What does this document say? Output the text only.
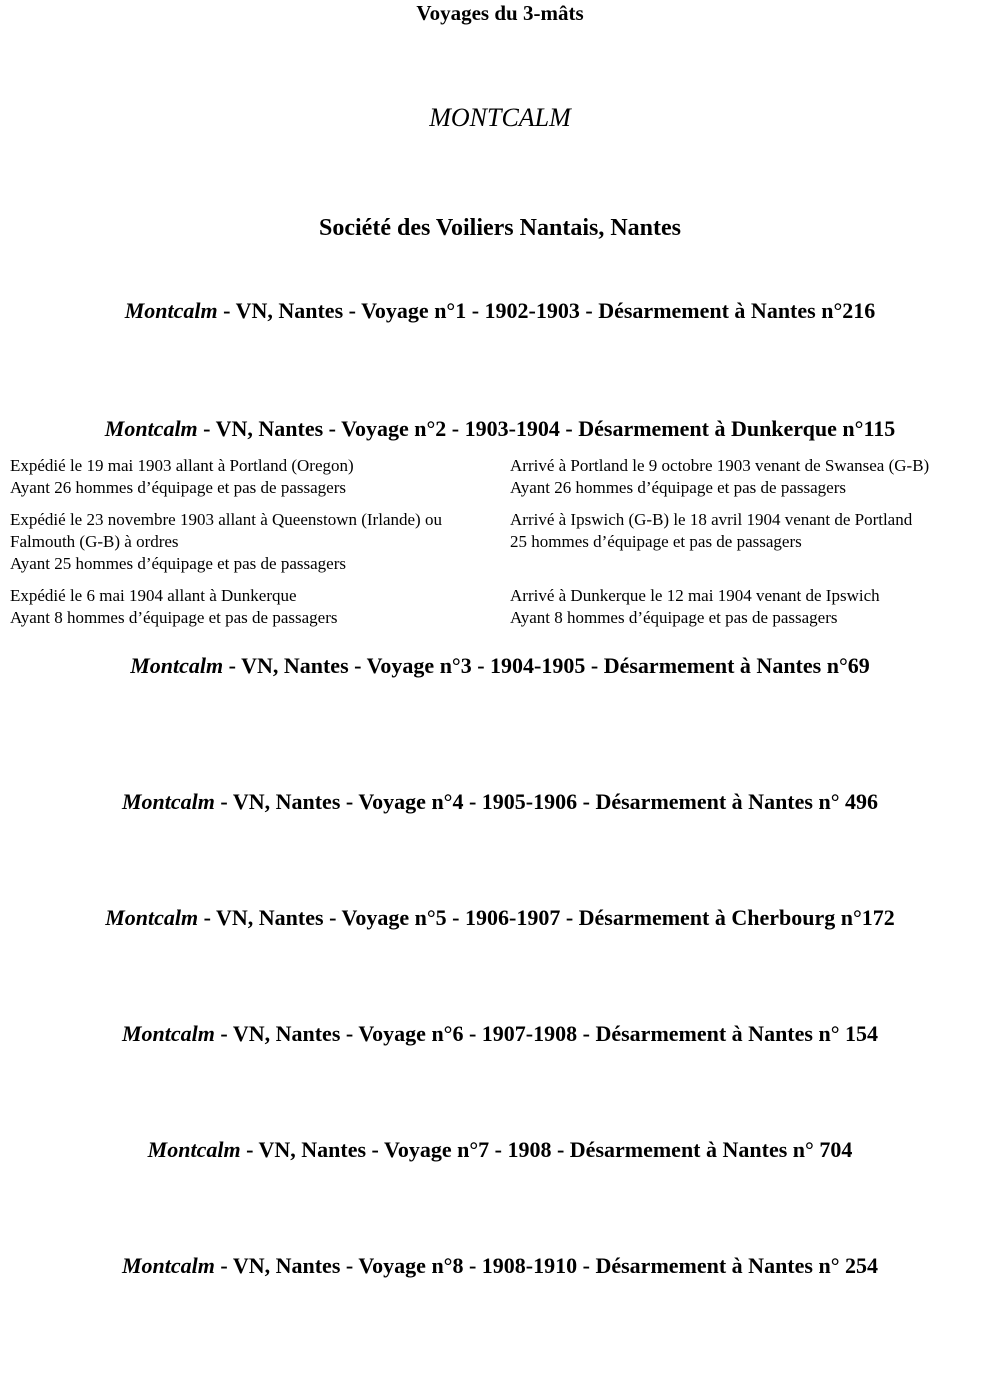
Voyages du 3-mâts
MONTCALM
Société des Voiliers Nantais, Nantes
Montcalm - VN, Nantes - Voyage n°1 - 1902-1903 - Désarmement à Nantes n°216
Montcalm - VN, Nantes - Voyage n°2 - 1903-1904 - Désarmement à Dunkerque n°115
Expédié le 19 mai 1903 allant à Portland (Oregon)
Ayant 26 hommes d’équipage et pas de passagers
Arrivé à Portland le 9 octobre 1903 venant de Swansea (G-B)
Ayant 26 hommes d’équipage et pas de passagers
Expédié le 23 novembre 1903 allant à Queenstown (Irlande) ou
Falmouth (G-B) à ordres
Ayant 25 hommes d’équipage et pas de passagers
Arrivé à Ipswich (G-B) le 18 avril 1904 venant de Portland
25 hommes d’équipage et pas de passagers
Expédié le 6 mai 1904 allant à Dunkerque
Ayant 8 hommes d’équipage et pas de passagers
Arrivé à Dunkerque le 12 mai 1904 venant de Ipswich
Ayant 8 hommes d’équipage et pas de passagers
Montcalm - VN, Nantes - Voyage n°3 - 1904-1905 - Désarmement à Nantes n°69
Montcalm - VN, Nantes - Voyage n°4 - 1905-1906 - Désarmement à Nantes n° 496
Montcalm - VN, Nantes - Voyage n°5 - 1906-1907 - Désarmement à Cherbourg n°172
Montcalm - VN, Nantes - Voyage n°6 - 1907-1908 - Désarmement à Nantes n° 154
Montcalm - VN, Nantes - Voyage n°7 - 1908 - Désarmement à Nantes n° 704
Montcalm - VN, Nantes - Voyage n°8 - 1908-1910 - Désarmement à Nantes n° 254
